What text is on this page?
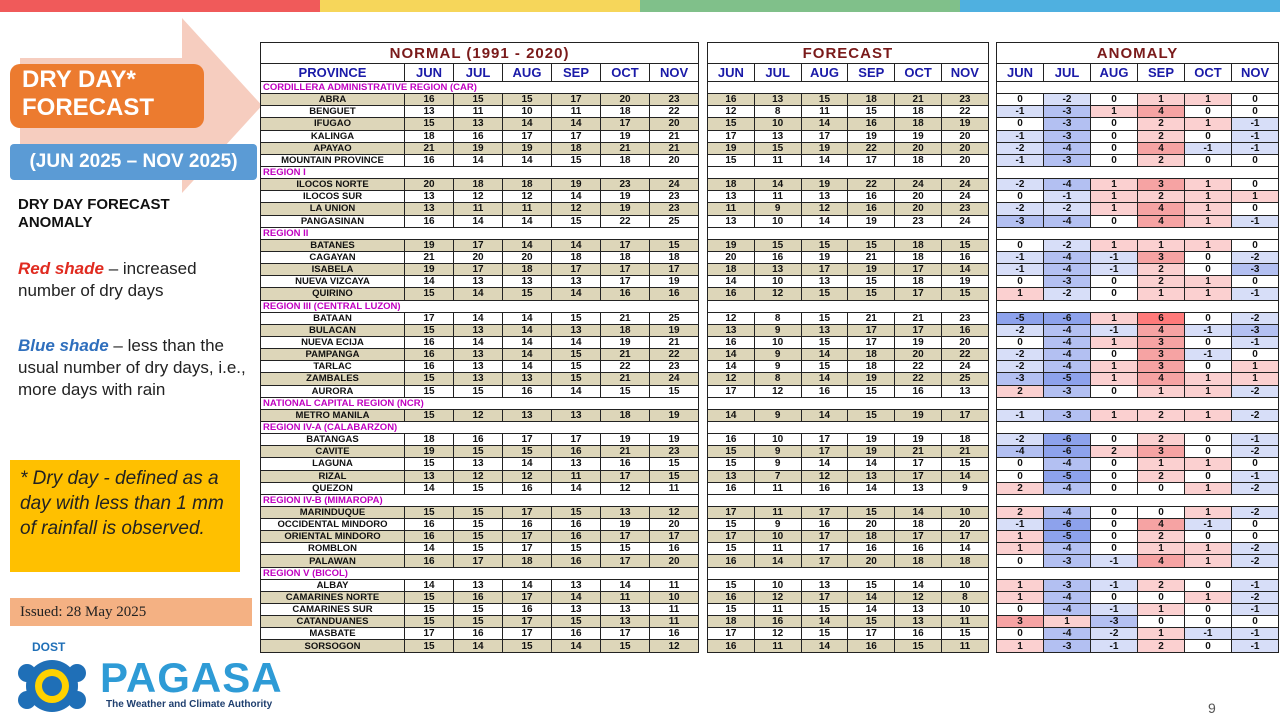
DRY DAY* FORECAST
(JUN 2025 – NOV 2025)
DRY DAY FORECAST ANOMALY
Red shade – increased number of dry days
Blue shade – less than the usual number of dry days, i.e., more days with rain
* Dry day - defined as a day with less than 1 mm of rainfall is observed.
Issued: 28 May 2025
DOST
PAGASA
The Weather and Climate Authority	9
NORMAL (1991 - 2020)						
PROVINCE	JUN	JUL	AUG	SEP	OCT	NOV
CORDILLERA ADMINISTRATIVE REGION (CAR)						
ABRA	16	15	15	17	20	23
BENGUET	13	11	10	11	18	22
IFUGAO	15	13	14	14	17	20
KALINGA	18	16	17	17	19	21
APAYAO	21	19	19	18	21	21
MOUNTAIN PROVINCE	16	14	14	15	18	20
REGION I						
ILOCOS NORTE	20	18	18	19	23	24
ILOCOS SUR	13	12	12	14	19	23
LA UNION	13	11	11	12	19	23
PANGASINAN	16	14	14	15	22	25
REGION II						
BATANES	19	17	14	14	17	15
CAGAYAN	21	20	20	18	18	18
ISABELA	19	17	18	17	17	17
NUEVA VIZCAYA	14	13	13	13	17	19
QUIRINO	15	14	15	14	16	16
REGION III (CENTRAL LUZON)						
BATAAN	17	14	14	15	21	25
BULACAN	15	13	14	13	18	19
NUEVA ECIJA	16	14	14	14	19	21
PAMPANGA	16	13	14	15	21	22
TARLAC	16	13	14	15	22	23
ZAMBALES	15	13	13	15	21	24
AURORA	15	15	16	14	15	15
NATIONAL CAPITAL REGION (NCR)						
METRO MANILA	15	12	13	13	18	19
REGION IV-A (CALABARZON)						
BATANGAS	18	16	17	17	19	19
CAVITE	19	15	15	16	21	23
LAGUNA	15	13	14	13	16	15
RIZAL	13	12	12	11	17	15
QUEZON	14	15	16	14	12	11
REGION IV-B (MIMAROPA)						
MARINDUQUE	15	15	17	15	13	12
OCCIDENTAL MINDORO	16	15	16	16	19	20
ORIENTAL MINDORO	16	15	17	16	17	17
ROMBLON	14	15	17	15	15	16
PALAWAN	16	17	18	16	17	20
REGION V (BICOL)						
ALBAY	14	13	14	13	14	11
CAMARINES NORTE	15	16	17	14	11	10
CAMARINES SUR	15	15	16	13	13	11
CATANDUANES	15	15	17	15	13	11
MASBATE	17	16	17	16	17	16
SORSOGON	15	14	15	14	15	12
FORECAST					
JUN	JUL	AUG	SEP	OCT	NOV

16	13	15	18	21	23
12	8	11	15	18	22
15	10	14	16	18	19
17	13	17	19	19	20
19	15	19	22	20	20
15	11	14	17	18	20

18	14	19	22	24	24
13	11	13	16	20	24
11	9	12	16	20	23
13	10	14	19	23	24

19	15	15	15	18	15
20	16	19	21	18	16
18	13	17	19	17	14
14	10	13	15	18	19
16	12	15	15	17	15

12	8	15	21	21	23
13	9	13	17	17	16
16	10	15	17	19	20
14	9	14	18	20	22
14	9	15	18	22	24
12	8	14	19	22	25
17	12	16	15	16	13

14	9	14	15	19	17

16	10	17	19	19	18
15	9	17	19	21	21
15	9	14	14	17	15
13	7	12	13	17	14
16	11	16	14	13	9

17	11	17	15	14	10
15	9	16	20	18	20
17	10	17	18	17	17
15	11	17	16	16	14
16	14	17	20	18	18

15	10	13	15	14	10
16	12	17	14	12	8
15	11	15	14	13	10
18	16	14	15	13	11
17	12	15	17	16	15
16	11	14	16	15	11
ANOMALY					
JUN	JUL	AUG	SEP	OCT	NOV

0	-2	0	1	1	0
-1	-3	1	4	0	0
0	-3	0	2	1	-1
-1	-3	0	2	0	-1
-2	-4	0	4	-1	-1
-1	-3	0	2	0	0

-2	-4	1	3	1	0
0	-1	1	2	1	1
-2	-2	1	4	1	0
-3	-4	0	4	1	-1

0	-2	1	1	1	0
-1	-4	-1	3	0	-2
-1	-4	-1	2	0	-3
0	-3	0	2	1	0
1	-2	0	1	1	-1

-5	-6	1	6	0	-2
-2	-4	-1	4	-1	-3
0	-4	1	3	0	-1
-2	-4	0	3	-1	0
-2	-4	1	3	0	1
-3	-5	1	4	1	1
2	-3	0	1	1	-2

-1	-3	1	2	1	-2

-2	-6	0	2	0	-1
-4	-6	2	3	0	-2
0	-4	0	1	1	0
0	-5	0	2	0	-1
2	-4	0	0	1	-2

2	-4	0	0	1	-2
-1	-6	0	4	-1	0
1	-5	0	2	0	0
1	-4	0	1	1	-2
0	-3	-1	4	1	-2

1	-3	-1	2	0	-1
1	-4	0	0	1	-2
0	-4	-1	1	0	-1
3	1	-3	0	0	0
0	-4	-2	1	-1	-1
1	-3	-1	2	0	-1
